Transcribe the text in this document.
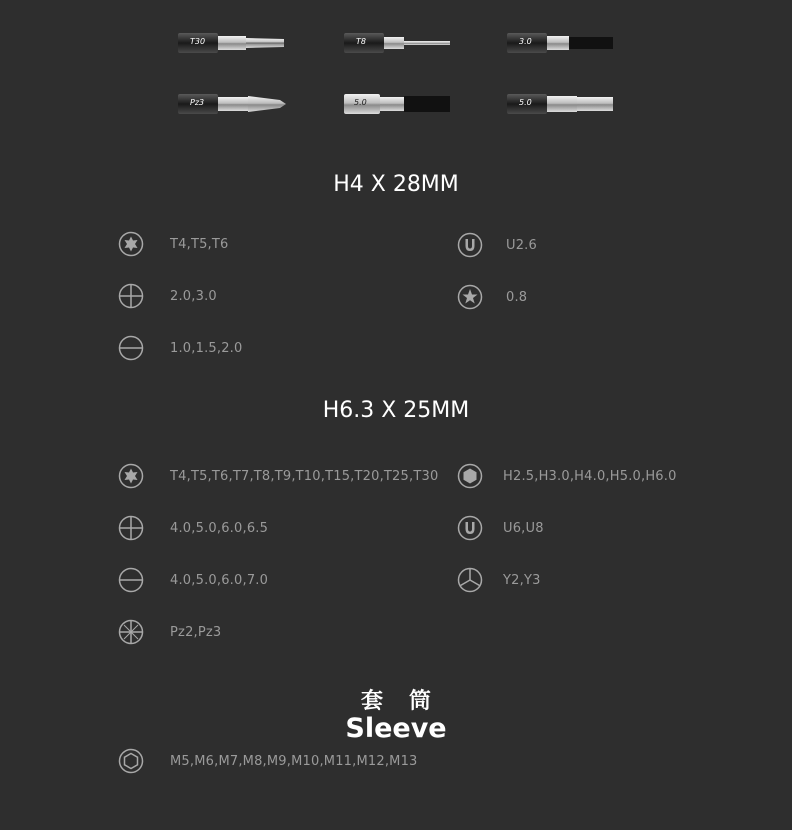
T30	T8	3.0
Pz3	5.0	5.0
H4 X 28MM
T4,T5,T6	U2.6
2.0,3.0	0.8
1.0,1.5,2.0
H6.3 X 25MM
T4,T5,T6,T7,T8,T9,T10,T15,T20,T25,T30	H2.5,H3.0,H4.0,H5.0,H6.0
4.0,5.0,6.0,6.5	U6,U8
4.0,5.0,6.0,7.0	Y2,Y3
Pz2,Pz3
套筒
Sleeve
M5,M6,M7,M8,M9,M10,M11,M12,M13
